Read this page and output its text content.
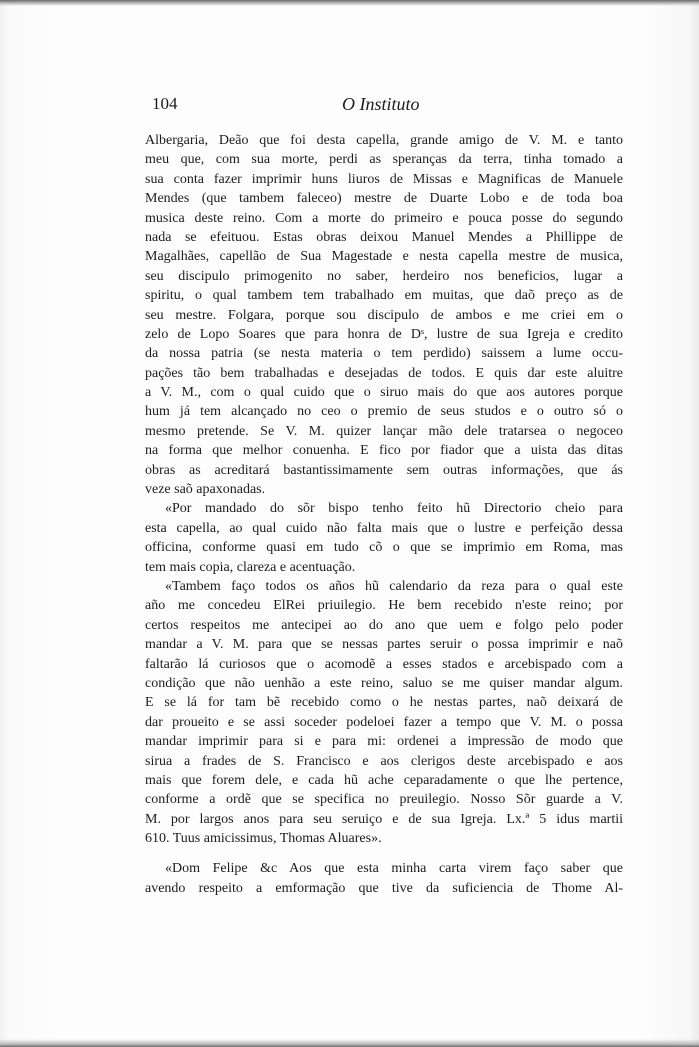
104	O Instituto
Albergaria, Deão que foi desta capella, grande amigo de V. M. e tanto
meu que, com sua morte, perdi as speranças da terra, tinha tomado a
sua conta fazer imprimir huns liuros de Missas e Magnificas de Manuele
Mendes (que tambem faleceo) mestre de Duarte Lobo e de toda boa
musica deste reino. Com a morte do primeiro e pouca posse do segundo
nada se efeituou. Estas obras deixou Manuel Mendes a Phillippe de
Magalhães, capellão de Sua Magestade e nesta capella mestre de musica,
seu discipulo primogenito no saber, herdeiro nos beneficios, lugar a
spiritu, o qual tambem tem trabalhado em muitas, que daõ preço as de
seu mestre. Folgara, porque sou discipulo de ambos e me criei em o
zelo de Lopo Soares que para honra de Dˢ, lustre de sua Igreja e credito
da nossa patria (se nesta materia o tem perdido) saissem a lume occu-
pações tão bem trabalhadas e desejadas de todos. E quis dar este aluitre
a V. M., com o qual cuido que o siruo mais do que aos autores porque
hum já tem alcançado no ceo o premio de seus studos e o outro só o
mesmo pretende. Se V. M. quizer lançar mão dele tratarsea o negoceo
na forma que melhor conuenha. E fico por fiador que a uista das ditas
obras as acreditará bastantissimamente sem outras informações, que ás
veze saõ apaxonadas.
«Por mandado do sõr bispo tenho feito hũ Directorio cheio para
esta capella, ao qual cuido não falta mais que o lustre e perfeição dessa
officina, conforme quasi em tudo cõ o que se imprimio em Roma, mas
tem mais copia, clareza e acentuação.
«Tambem faço todos os años hũ calendario da reza para o qual este
año me concedeu ElRei priuilegio. He bem recebido n'este reino; por
certos respeitos me antecipei ao do ano que uem e folgo pelo poder
mandar a V. M. para que se nessas partes seruir o possa imprimir e naõ
faltarão lá curiosos que o acomodẽ a esses stados e arcebispado com a
condição que não uenhão a este reino, saluo se me quiser mandar algum.
E se lá for tam bẽ recebido como o he nestas partes, naõ deixará de
dar proueito e se assi soceder podeloei fazer a tempo que V. M. o possa
mandar imprimir para si e para mi: ordenei a impressão de modo que
sirua a frades de S. Francisco e aos clerigos deste arcebispado e aos
mais que forem dele, e cada hũ ache ceparadamente o que lhe pertence,
conforme a ordẽ que se specifica no preuilegio. Nosso Sõr guarde a V.
M. por largos anos para seu seruiço e de sua Igreja. Lx.ª 5 idus martii
610. Tuus amicissimus, Thomas Aluares».
«Dom Felipe &c Aos que esta minha carta virem faço saber que
avendo respeito a emformação que tive da suficiencia de Thome Al-
